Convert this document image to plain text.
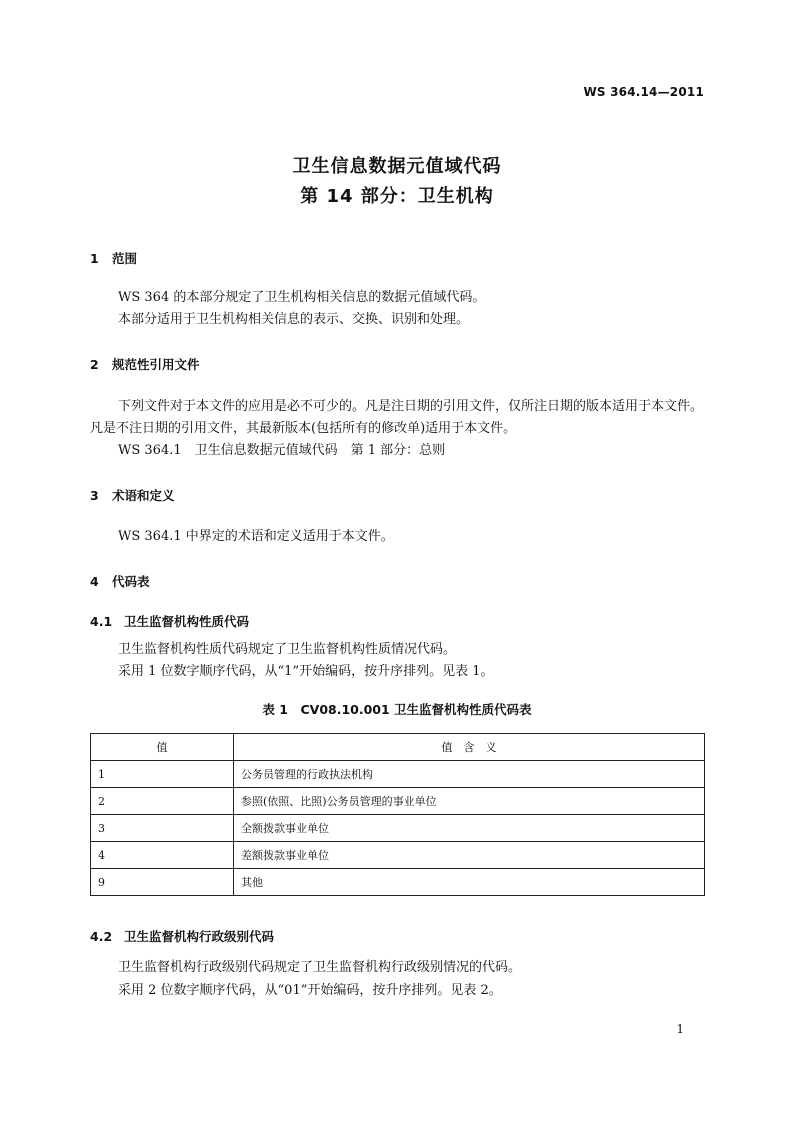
WS 364.14—2011
卫生信息数据元值域代码
第 14 部分：卫生机构
1 范围
WS 364 的本部分规定了卫生机构相关信息的数据元值域代码。
本部分适用于卫生机构相关信息的表示、交换、识别和处理。
2 规范性引用文件
下列文件对于本文件的应用是必不可少的。凡是注日期的引用文件，仅所注日期的版本适用于本文件。凡是不注日期的引用文件，其最新版本(包括所有的修改单)适用于本文件。
WS 364.1　卫生信息数据元值域代码　第 1 部分：总则
3 术语和定义
WS 364.1 中界定的术语和定义适用于本文件。
4 代码表
4.1 卫生监督机构性质代码
卫生监督机构性质代码规定了卫生监督机构性质情况代码。
采用 1 位数字顺序代码，从“1”开始编码，按升序排列。见表 1。
表 1　CV08.10.001 卫生监督机构性质代码表
值	值　含　义
1	公务员管理的行政执法机构
2	参照(依照、比照)公务员管理的事业单位
3	全额拨款事业单位
4	差额拨款事业单位
9	其他
4.2 卫生监督机构行政级别代码
卫生监督机构行政级别代码规定了卫生监督机构行政级别情况的代码。
采用 2 位数字顺序代码，从“01”开始编码，按升序排列。见表 2。
1
